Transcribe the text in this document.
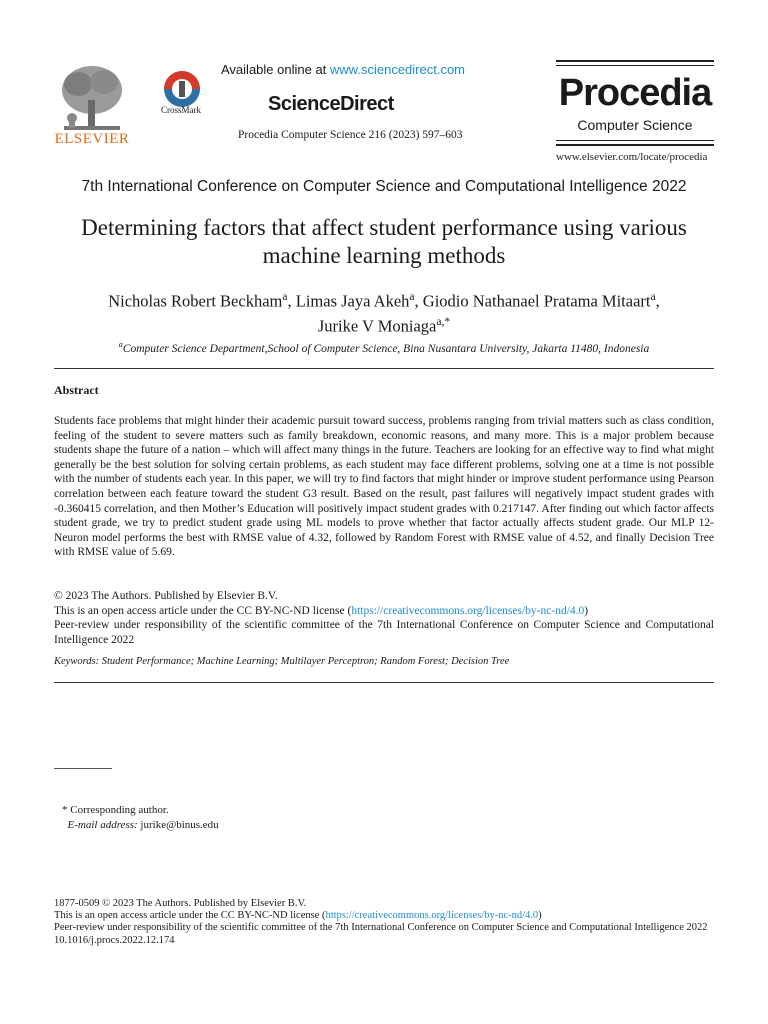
ELSEVIER
CrossMark
Available online at www.sciencedirect.com
ScienceDirect
Procedia Computer Science 216 (2023) 597–603
Procedia
Computer Science
www.elsevier.com/locate/procedia
7th International Conference on Computer Science and Computational Intelligence 2022
Determining factors that affect student performance using various machine learning methods
Nicholas Robert Beckham$^a$, Limas Jaya Akeh$^a$, Giodio Nathanael Pratama Mitaart$^a$,
Jurike V Moniaga$^{a,*}$
$^a$Computer Science Department,School of Computer Science, Bina Nusantara University, Jakarta 11480, Indonesia
Abstract
Students face problems that might hinder their academic pursuit toward success, problems ranging from trivial matters such as class condition, feeling of the student to severe matters such as family breakdown, economic reasons, and many more. This is a major problem because students shape the future of a nation – which will affect many things in the future. Teachers are looking for an effective way to find what might generally be the best solution for solving certain problems, as each student may face different problems, solving one at a time is not possible with the number of students each year. In this paper, we will try to find factors that might hinder or improve student performance using Pearson correlation between each feature toward the student G3 result. Based on the result, past failures will negatively impact student grades with -0.360415 correlation, and then Mother’s Education will positively impact student grades with 0.217147. After finding out which factor affects student grade, we try to predict student grade using ML models to prove whether that factor actually affects student grade. Our MLP 12-Neuron model performs the best with RMSE value of 4.32, followed by Random Forest with RMSE value of 4.52, and finally Decision Tree with RMSE value of 5.69.

© 2023 The Authors. Published by Elsevier B.V.

This is an open access article under the CC BY-NC-ND license (https://creativecommons.org/licenses/by-nc-nd/4.0)

Peer-review under responsibility of the scientific committee of the 7th International Conference on Computer Science and Computational Intelligence 2022

Keywords: Student Performance; Machine Learning; Multilayer Perceptron; Random Forest; Decision Tree
* Corresponding author.
E-mail address: jurike@binus.edu

1877-0509 © 2023 The Authors. Published by Elsevier B.V.

This is an open access article under the CC BY-NC-ND license (https://creativecommons.org/licenses/by-nc-nd/4.0)

Peer-review under responsibility of the scientific committee of the 7th International Conference on Computer Science and Computational Intelligence 2022

10.1016/j.procs.2022.12.174
